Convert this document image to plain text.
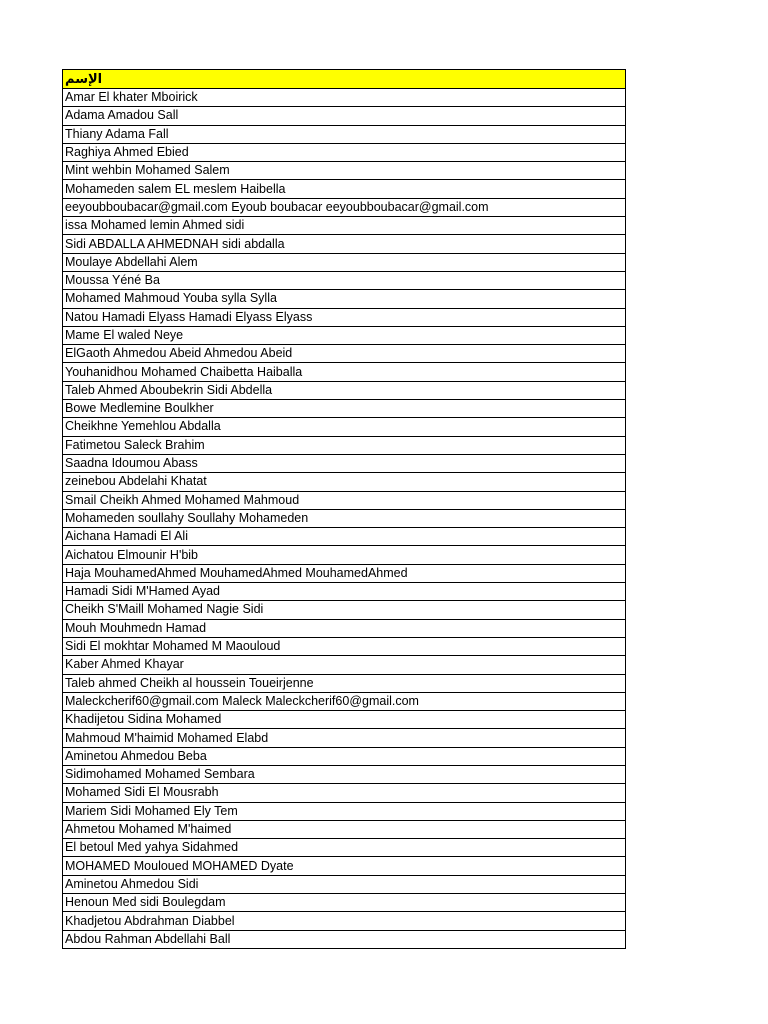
الإسم
Amar El khater Mboirick
Adama Amadou Sall
Thiany Adama Fall
Raghiya Ahmed Ebied
Mint wehbin Mohamed Salem
Mohameden salem EL meslem Haibella
eeyoubboubacar@gmail.com Eyoub boubacar eeyoubboubacar@gmail.com
issa Mohamed lemin Ahmed sidi
Sidi ABDALLA AHMEDNAH sidi abdalla
Moulaye Abdellahi Alem
Moussa Yéné Ba
Mohamed Mahmoud Youba sylla Sylla
Natou Hamadi Elyass Hamadi Elyass Elyass
Mame El waled Neye
ElGaoth Ahmedou Abeid Ahmedou Abeid
Youhanidhou Mohamed Chaibetta Haiballa
Taleb Ahmed Aboubekrin Sidi Abdella
Bowe Medlemine Boulkher
Cheikhne Yemehlou Abdalla
Fatimetou Saleck Brahim
Saadna Idoumou Abass
zeinebou Abdelahi Khatat
Smail Cheikh Ahmed Mohamed Mahmoud
Mohameden soullahy Soullahy Mohameden
Aichana Hamadi El Ali
Aichatou Elmounir H'bib
Haja MouhamedAhmed MouhamedAhmed MouhamedAhmed
Hamadi Sidi M'Hamed Ayad
Cheikh S'Maill Mohamed Nagie Sidi
Mouh Mouhmedn Hamad
Sidi El mokhtar Mohamed M Maouloud
Kaber Ahmed Khayar
Taleb ahmed Cheikh al houssein Toueirjenne
Maleckcherif60@gmail.com Maleck Maleckcherif60@gmail.com
Khadijetou Sidina Mohamed
Mahmoud M'haimid Mohamed Elabd
Aminetou Ahmedou Beba
Sidimohamed Mohamed Sembara
Mohamed Sidi El Mousrabh
Mariem Sidi Mohamed Ely Tem
Ahmetou Mohamed M'haimed
El betoul Med yahya Sidahmed
MOHAMED Mouloued MOHAMED Dyate
Aminetou Ahmedou Sidi
Henoun Med sidi Boulegdam
Khadjetou Abdrahman Diabbel
Abdou Rahman Abdellahi Ball
